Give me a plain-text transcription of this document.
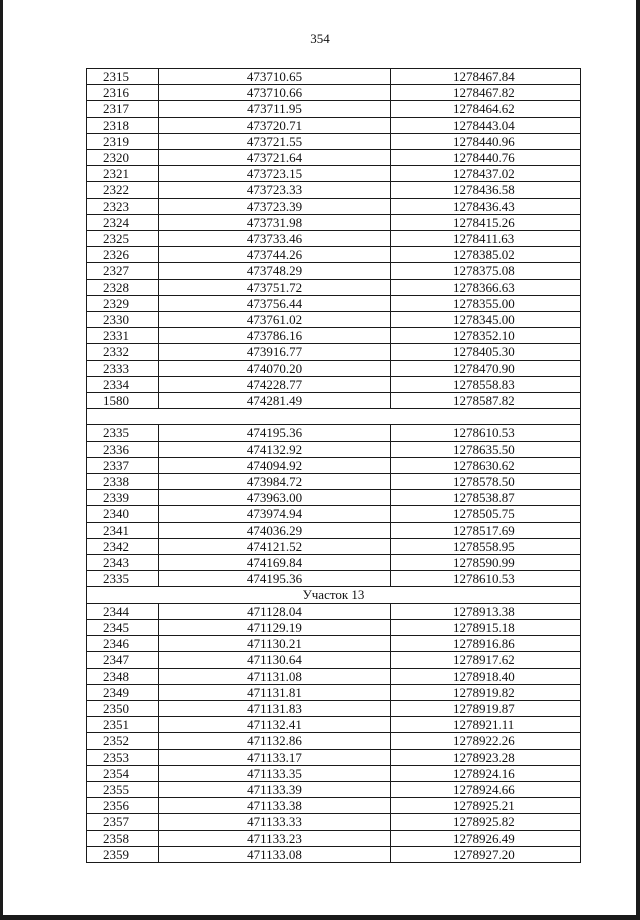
354
2315	473710.65	1278467.84
2316	473710.66	1278467.82
2317	473711.95	1278464.62
2318	473720.71	1278443.04
2319	473721.55	1278440.96
2320	473721.64	1278440.76
2321	473723.15	1278437.02
2322	473723.33	1278436.58
2323	473723.39	1278436.43
2324	473731.98	1278415.26
2325	473733.46	1278411.63
2326	473744.26	1278385.02
2327	473748.29	1278375.08
2328	473751.72	1278366.63
2329	473756.44	1278355.00
2330	473761.02	1278345.00
2331	473786.16	1278352.10
2332	473916.77	1278405.30
2333	474070.20	1278470.90
2334	474228.77	1278558.83
1580	474281.49	1278587.82

2335	474195.36	1278610.53
2336	474132.92	1278635.50
2337	474094.92	1278630.62
2338	473984.72	1278578.50
2339	473963.00	1278538.87
2340	473974.94	1278505.75
2341	474036.29	1278517.69
2342	474121.52	1278558.95
2343	474169.84	1278590.99
2335	474195.36	1278610.53
Участок 13		
2344	471128.04	1278913.38
2345	471129.19	1278915.18
2346	471130.21	1278916.86
2347	471130.64	1278917.62
2348	471131.08	1278918.40
2349	471131.81	1278919.82
2350	471131.83	1278919.87
2351	471132.41	1278921.11
2352	471132.86	1278922.26
2353	471133.17	1278923.28
2354	471133.35	1278924.16
2355	471133.39	1278924.66
2356	471133.38	1278925.21
2357	471133.33	1278925.82
2358	471133.23	1278926.49
2359	471133.08	1278927.20
